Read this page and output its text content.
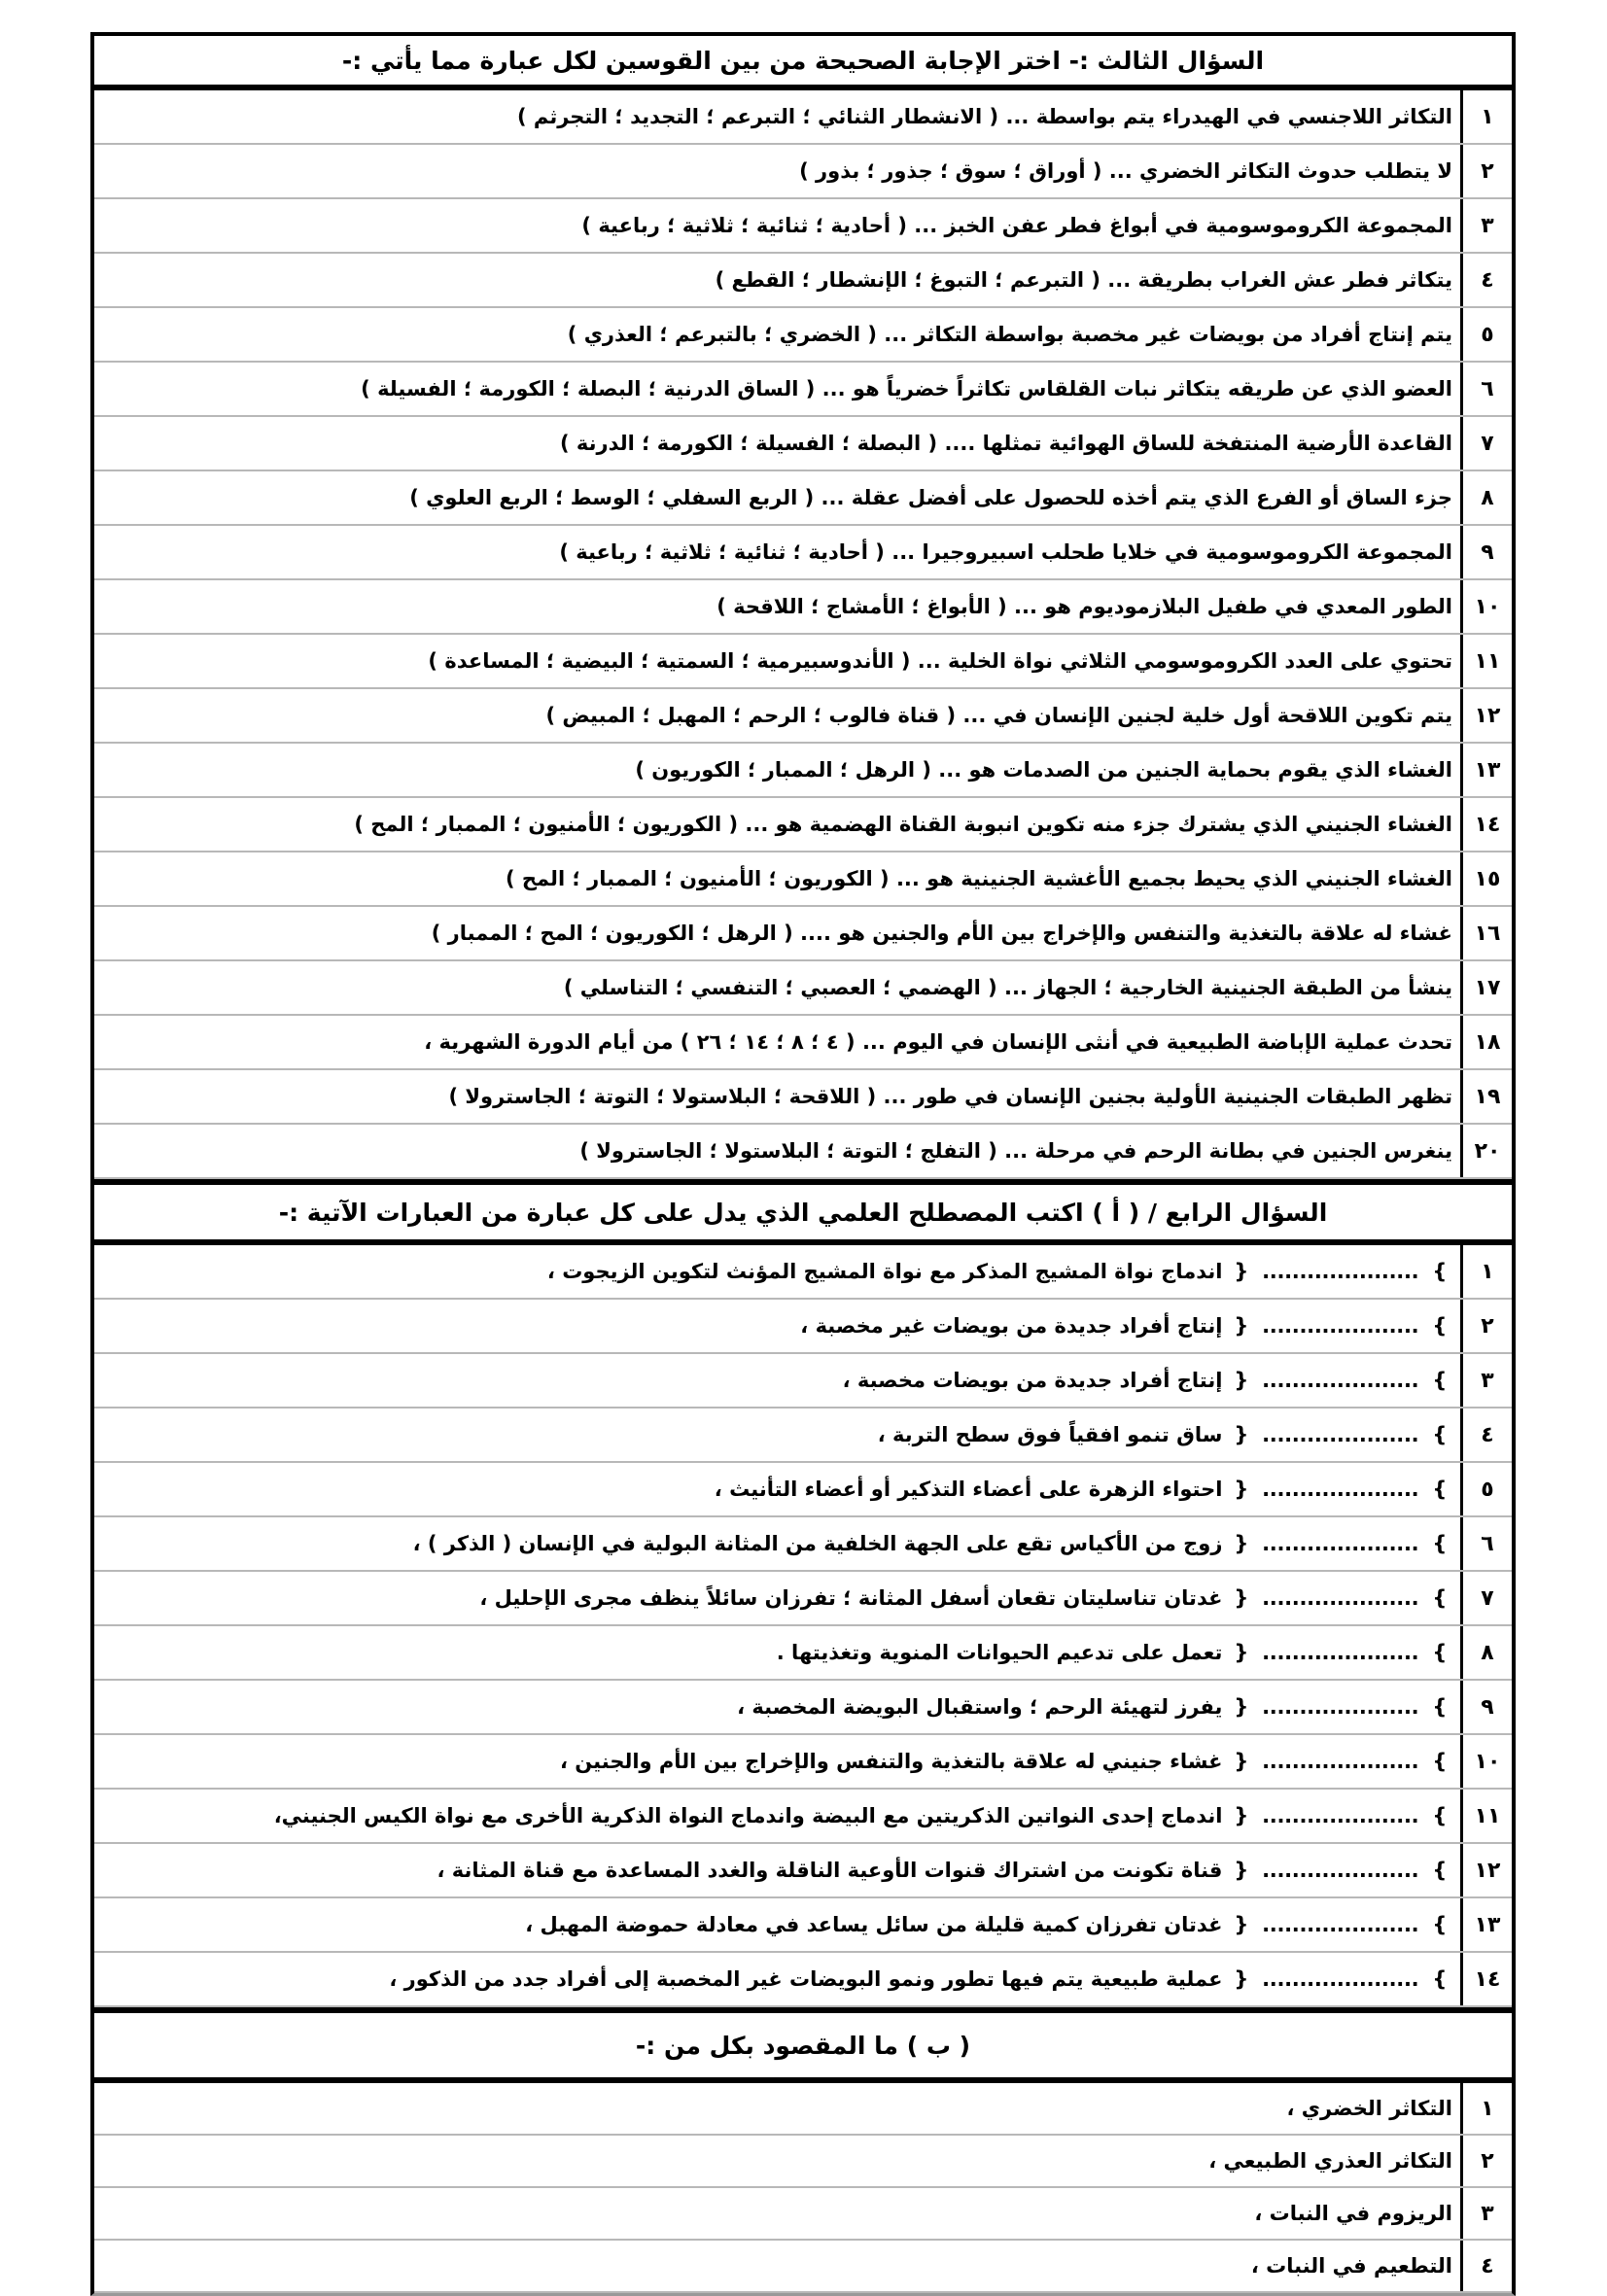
السؤال الثالث :- اختر الإجابة الصحيحة من بين القوسين لكل عبارة مما يأتي :-
١
التكاثر اللاجنسي في الهيدراء يتم بواسطة ... ( الانشطار الثنائي ؛ التبرعم ؛ التجديد ؛ التجرثم )
٢
لا يتطلب حدوث التكاثر الخضري ... ( أوراق ؛ سوق ؛ جذور ؛ بذور )
٣
المجموعة الكروموسومية في أبواغ فطر عفن الخبز ... ( أحادية ؛ ثنائية ؛ ثلاثية ؛ رباعية )
٤
يتكاثر فطر عش الغراب بطريقة ... ( التبرعم ؛ التبوغ ؛ الإنشطار ؛ القطع )
٥
يتم إنتاج أفراد من بويضات غير مخصبة بواسطة التكاثر ... ( الخضري ؛ بالتبرعم ؛ العذري )
٦
العضو الذي عن طريقه يتكاثر نبات القلقاس تكاثراً خضرياً هو ... ( الساق الدرنية ؛ البصلة ؛ الكورمة ؛ الفسيلة )
٧
القاعدة الأرضية المنتفخة للساق الهوائية تمثلها .... ( البصلة ؛ الفسيلة ؛ الكورمة ؛ الدرنة )
٨
جزء الساق أو الفرع الذي يتم أخذه للحصول على أفضل عقلة ... ( الربع السفلي ؛ الوسط ؛ الربع العلوي )
٩
المجموعة الكروموسومية في خلايا طحلب اسبيروجيرا ... ( أحادية ؛ ثنائية ؛ ثلاثية ؛ رباعية )
١٠
الطور المعدي في طفيل البلازموديوم هو ... ( الأبواغ ؛ الأمشاج ؛ اللاقحة )
١١
تحتوي على العدد الكروموسومي الثلاثي نواة الخلية ... ( الأندوسبيرمية ؛ السمتية ؛ البيضية ؛ المساعدة )
١٢
يتم تكوين اللاقحة أول خلية لجنين الإنسان في ... ( قناة فالوب ؛ الرحم ؛ المهبل ؛ المبيض )
١٣
الغشاء الذي يقوم بحماية الجنين من الصدمات هو ... ( الرهل ؛ الممبار ؛ الكوريون )
١٤
الغشاء الجنيني الذي يشترك جزء منه تكوين انبوبة القناة الهضمية هو ... ( الكوريون ؛ الأمنيون ؛ الممبار ؛ المح )
١٥
الغشاء الجنيني الذي يحيط بجميع الأغشية الجنينية هو ... ( الكوريون ؛ الأمنيون ؛ الممبار ؛ المح )
١٦
غشاء له علاقة بالتغذية والتنفس والإخراج بين الأم والجنين هو .... ( الرهل ؛ الكوريون ؛ المح ؛ الممبار )
١٧
ينشأ من الطبقة الجنينية الخارجية ؛ الجهاز ... ( الهضمي ؛ العصبي ؛ التنفسي ؛ التناسلي )
١٨
تحدث عملية الإباضة الطبيعية في أنثى الإنسان في اليوم ... ( ٤ ؛ ٨ ؛ ١٤ ؛ ٢٦ ) من أيام الدورة الشهرية ،
١٩
تظهر الطبقات الجنينية الأولية بجنين الإنسان في طور ... ( اللاقحة ؛ البلاستولا ؛ التوتة ؛ الجاسترولا )
٢٠
ينغرس الجنين في بطانة الرحم في مرحلة ... ( التفلج ؛ التوتة ؛ البلاستولا ؛ الجاسترولا )
السؤال الرابع / ( أ ) اكتب المصطلح العلمي الذي يدل على كل عبارة من العبارات الآتية :-
١
}  .....................  {
اندماج نواة المشيج المذكر مع نواة المشيج المؤنث لتكوين الزيجوت ،
٢
}  .....................  {
إنتاج أفراد جديدة من بويضات غير مخصبة ،
٣
}  .....................  {
إنتاج أفراد جديدة من بويضات مخصبة ،
٤
}  .....................  {
ساق تنمو افقياً فوق سطح التربة ،
٥
}  .....................  {
احتواء الزهرة على أعضاء التذكير أو أعضاء التأنيث ،
٦
}  .....................  {
زوج من الأكياس تقع على الجهة الخلفية من المثانة البولية في الإنسان ( الذكر ) ،
٧
}  .....................  {
غدتان تناسليتان تقعان أسفل المثانة ؛ تفرزان سائلاً ينظف مجرى الإحليل ،
٨
}  .....................  {
تعمل على تدعيم الحيوانات المنوية وتغذيتها .
٩
}  .....................  {
يفرز لتهيئة الرحم ؛ واستقبال البويضة المخصبة ،
١٠
}  .....................  {
غشاء جنيني له علاقة بالتغذية والتنفس والإخراج بين الأم والجنين ،
١١
}  .....................  {
اندماج إحدى النواتين الذكريتين مع البيضة واندماج النواة الذكرية الأخرى مع نواة الكيس الجنيني،
١٢
}  .....................  {
قناة تكونت من اشتراك قنوات الأوعية الناقلة والغدد المساعدة مع قناة المثانة ،
١٣
}  .....................  {
غدتان تفرزان كمية قليلة من سائل يساعد في معادلة حموضة المهبل ،
١٤
}  .....................  {
عملية طبيعية يتم فيها تطور ونمو البويضات غير المخصبة إلى أفراد جدد من الذكور ،
( ب ) ما المقصود بكل من :-
١
التكاثر الخضري ،
٢
التكاثر العذري الطبيعي ،
٣
الريزوم في النبات ،
٤
التطعيم في النبات ،
